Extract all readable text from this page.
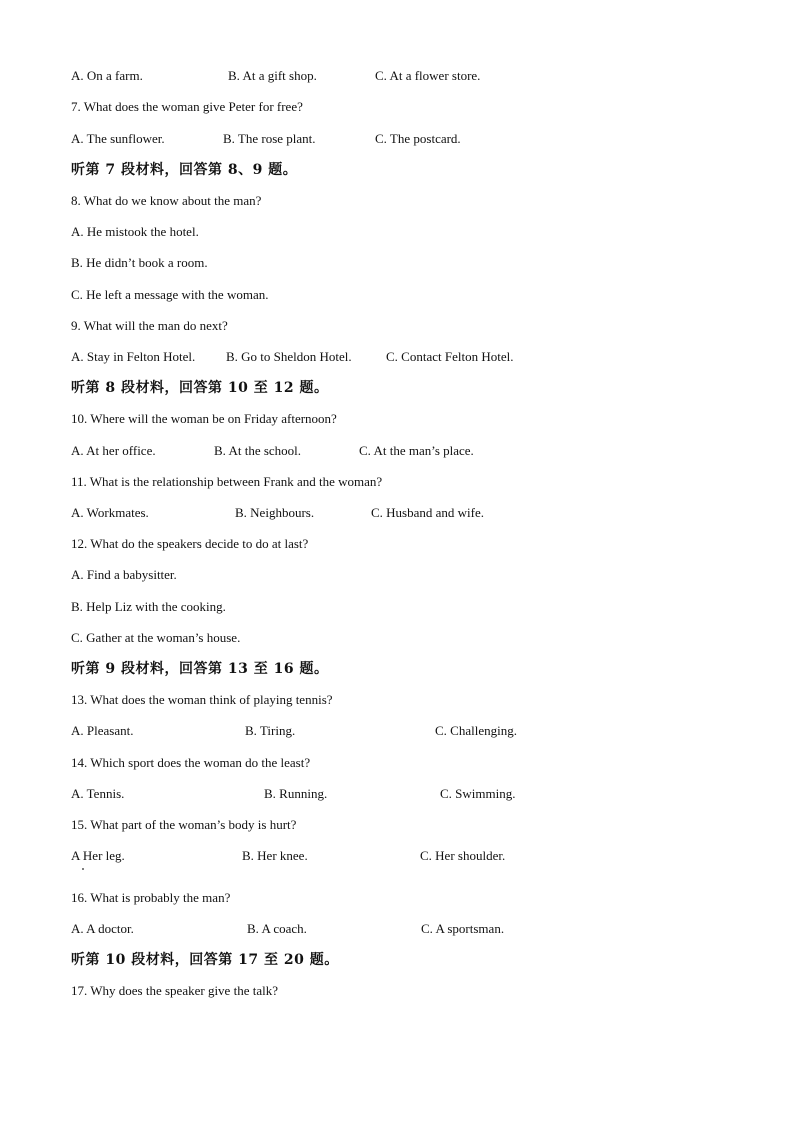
A. On a farm.	B. At a gift shop.	C. At a flower store.
7. What does the woman give Peter for free?
A. The sunflower.	B. The rose plant.	C. The postcard.
听第 7 段材料，回答第 8、9 题。
8. What do we know about the man?
A. He mistook the hotel.
B. He didn’t book a room.
C. He left a message with the woman.
9. What will the man do next?
A. Stay in Felton Hotel.	B. Go to Sheldon Hotel.	C. Contact Felton Hotel.
听第 8 段材料，回答第 10 至 12 题。
10. Where will the woman be on Friday afternoon?
A. At her office.	B. At the school.	C. At the man’s place.
11. What is the relationship between Frank and the woman?
A. Workmates.	B. Neighbours.	C. Husband and wife.
12. What do the speakers decide to do at last?
A. Find a babysitter.
B. Help Liz with the cooking.
C. Gather at the woman’s house.
听第 9 段材料，回答第 13 至 16 题。
13. What does the woman think of playing tennis?
A. Pleasant.	B. Tiring.	C. Challenging.
14. Which sport does the woman do the least?
A. Tennis.	B. Running.	C. Swimming.
15. What part of the woman’s body is hurt?
A Her leg.	B. Her knee.	C. Her shoulder.
16. What is probably the man?
A. A doctor.	B. A coach.	C. A sportsman.
听第 10 段材料，回答第 17 至 20 题。
17. Why does the speaker give the talk?
